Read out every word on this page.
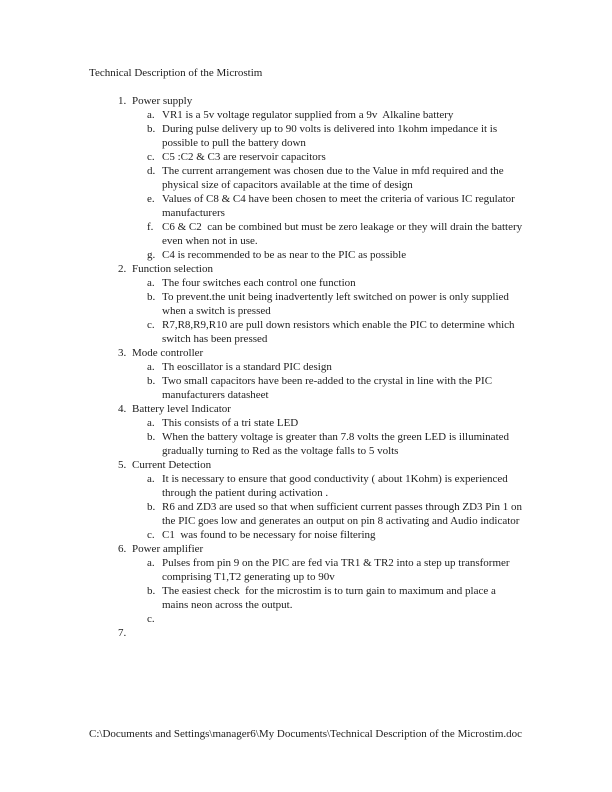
Technical Description of the Microstim
1. Power supply
a. VR1 is a 5v voltage regulator supplied from a 9v  Alkaline battery
b. During pulse delivery up to 90 volts is delivered into 1kohm impedance it is possible to pull the battery down
c. C5 :C2 & C3 are reservoir capacitors
d. The current arrangement was chosen due to the Value in mfd required and the physical size of capacitors available at the time of design
e. Values of C8 & C4 have been chosen to meet the criteria of various IC regulator manufacturers
f. C6 & C2  can be combined but must be zero leakage or they will drain the battery even when not in use.
g. C4 is recommended to be as near to the PIC as possible
2. Function selection
a. The four switches each control one function
b. To prevent.the unit being inadvertently left switched on power is only supplied when a switch is pressed
c. R7,R8,R9,R10 are pull down resistors which enable the PIC to determine which switch has been pressed
3. Mode controller
a. Th eoscillator is a standard PIC design
b. Two small capacitors have been re-added to the crystal in line with the PIC manufacturers datasheet
4. Battery level Indicator
a. This consists of a tri state LED
b. When the battery voltage is greater than 7.8 volts the green LED is illuminated gradually turning to Red as the voltage falls to 5 volts
5. Current Detection
a. It is necessary to ensure that good conductivity ( about 1Kohm) is experienced through the patient during activation .
b. R6 and ZD3 are used so that when sufficient current passes through ZD3 Pin 1 on the PIC goes low and generates an output on pin 8 activating and Audio indicator
c. C1  was found to be necessary for noise filtering
6. Power amplifier
a. Pulses from pin 9 on the PIC are fed via TR1 & TR2 into a step up transformer  comprising T1,T2 generating up to 90v
b. The easiest check  for the microstim is to turn gain to maximum and place a mains neon across the output.
c.
7.
C:\Documents and Settings\manager6\My Documents\Technical Description of the Microstim.doc
